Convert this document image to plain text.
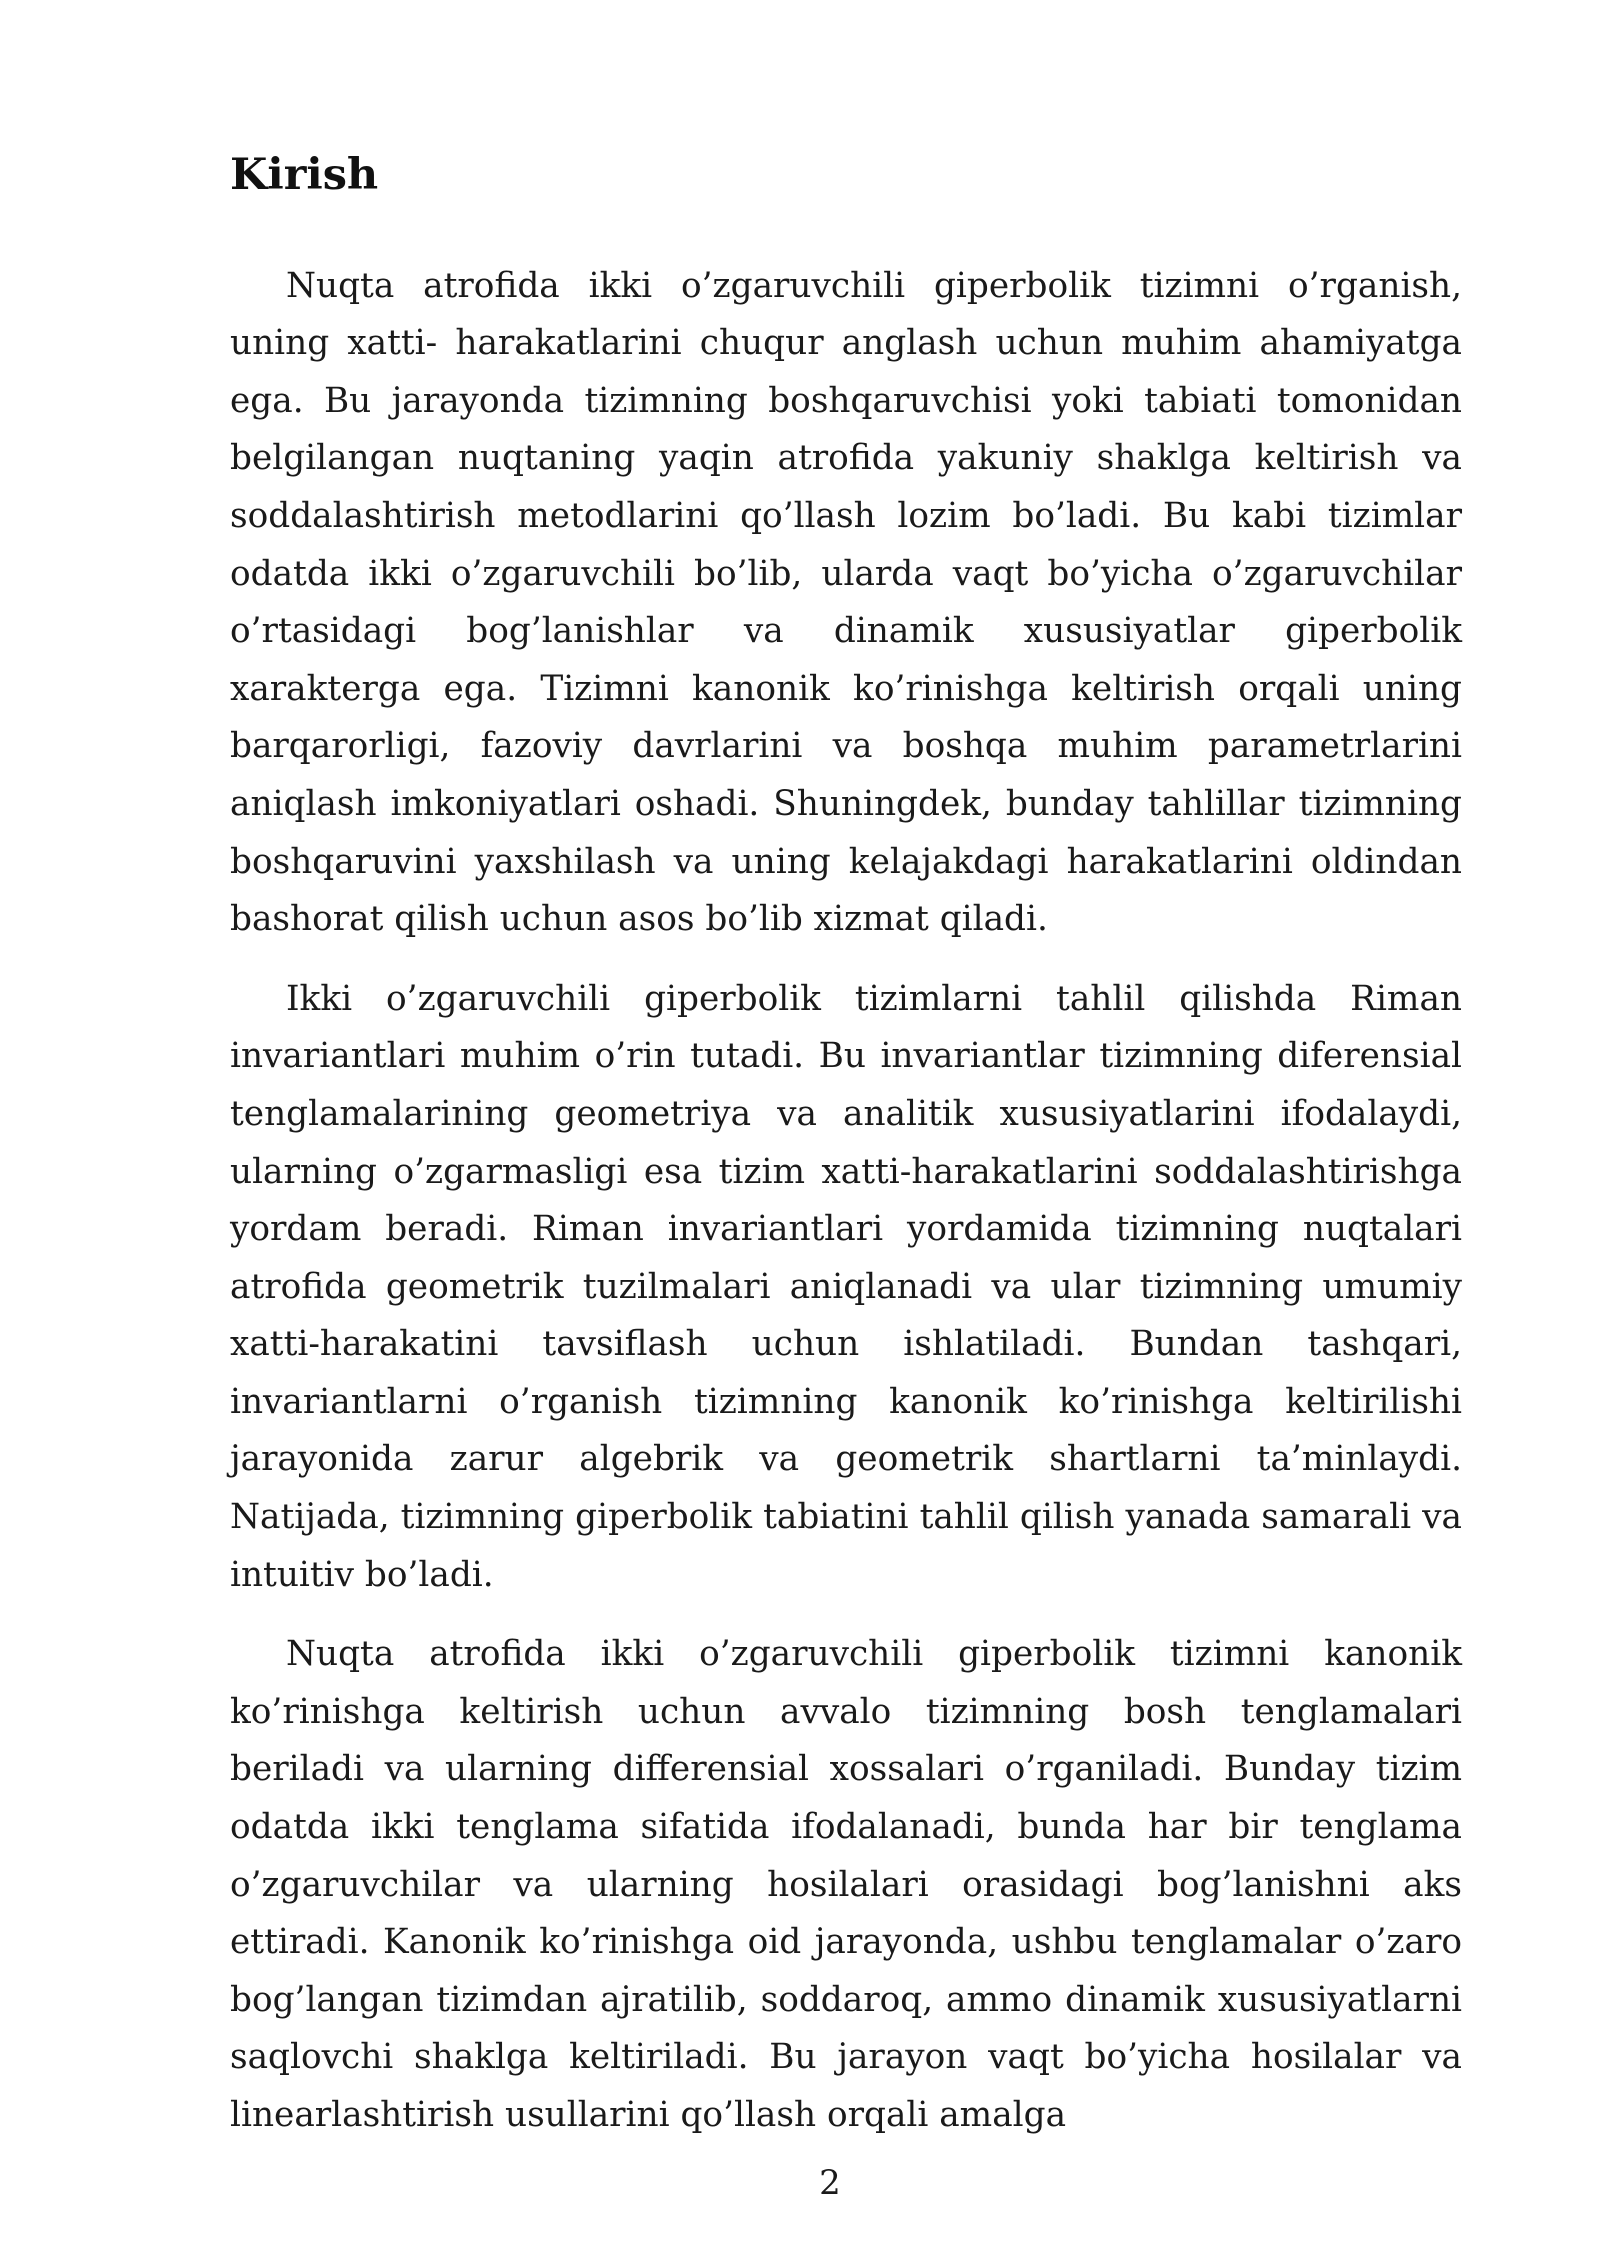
Kirish

Nuqta atrofida ikki o’zgaruvchili giperbolik tizimni o’rganish, uning xatti- harakatlarini chuqur anglash uchun muhim ahamiyatga ega. Bu jarayonda tizimning boshqaruvchisi yoki tabiati tomonidan belgilangan nuqtaning yaqin atrofida yakuniy shaklga keltirish va soddalashtirish metodlarini qo’llash lozim bo’ladi. Bu kabi tizimlar odatda ikki o’zgaruvchili bo’lib, ularda vaqt bo’yicha o’zgaruvchilar o’rtasidagi bog’lanishlar va dinamik xususiyatlar giperbolik xarakterga ega. Tizimni kanonik ko’rinishga keltirish orqali uning barqarorligi, fazoviy davrlarini va boshqa muhim parametrlarini aniqlash imkoniyatlari oshadi. Shuningdek, bunday tahlillar tizimning boshqaruvini yaxshilash va uning kelajakdagi harakatlarini oldindan bashorat qilish uchun asos bo’lib xizmat qiladi.

Ikki o’zgaruvchili giperbolik tizimlarni tahlil qilishda Riman invariantlari muhim o’rin tutadi. Bu invariantlar tizimning diferensial tenglamalarining geometriya va analitik xususiyatlarini ifodalaydi, ularning o’zgarmasligi esa tizim xatti-harakatlarini soddalashtirishga yordam beradi. Riman invariantlari yordamida tizimning nuqtalari atrofida geometrik tuzilmalari aniqlanadi va ular tizimning umumiy xatti-harakatini tavsiflash uchun ishlatiladi. Bundan tashqari, invariantlarni o’rganish tizimning kanonik ko’rinishga keltirilishi jarayonida zarur algebrik va geometrik shartlarni ta’minlaydi. Natijada, tizimning giperbolik tabiatini tahlil qilish yanada samarali va intuitiv bo’ladi.

Nuqta atrofida ikki o’zgaruvchili giperbolik tizimni kanonik ko’rinishga keltirish uchun avvalo tizimning bosh tenglamalari beriladi va ularning differensial xossalari o’rganiladi. Bunday tizim odatda ikki tenglama sifatida ifodalanadi, bunda har bir tenglama o’zgaruvchilar va ularning hosilalari orasidagi bog’lanishni aks ettiradi. Kanonik ko’rinishga oid jarayonda, ushbu tenglamalar o’zaro bog’langan tizimdan ajratilib, soddaroq, ammo dinamik xususiyatlarni saqlovchi shaklga keltiriladi. Bu jarayon vaqt bo’yicha hosilalar va linearlashtirish usullarini qo’llash orqali amalga

2
